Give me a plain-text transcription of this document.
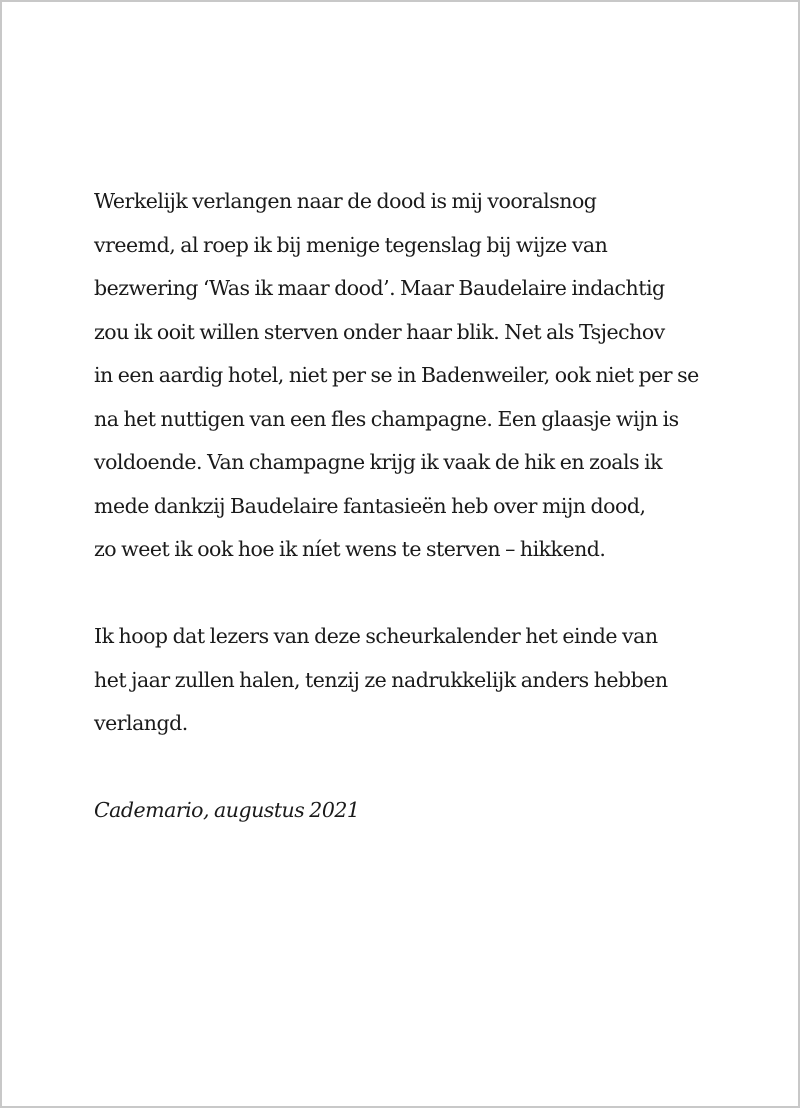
Werkelijk verlangen naar de dood is mij vooralsnog
vreemd, al roep ik bij menige tegenslag bij wijze van
bezwering ‘Was ik maar dood’. Maar Baudelaire indachtig
zou ik ooit willen sterven onder haar blik. Net als Tsjechov
in een aardig hotel, niet per se in Badenweiler, ook niet per se
na het nuttigen van een fles champagne. Een glaasje wijn is
voldoende. Van champagne krijg ik vaak de hik en zoals ik
mede dankzij Baudelaire fantasieën heb over mijn dood,
zo weet ik ook hoe ik níet wens te sterven – hikkend.

Ik hoop dat lezers van deze scheurkalender het einde van
het jaar zullen halen, tenzij ze nadrukkelijk anders hebben
verlangd.

Cademario, augustus 2021
